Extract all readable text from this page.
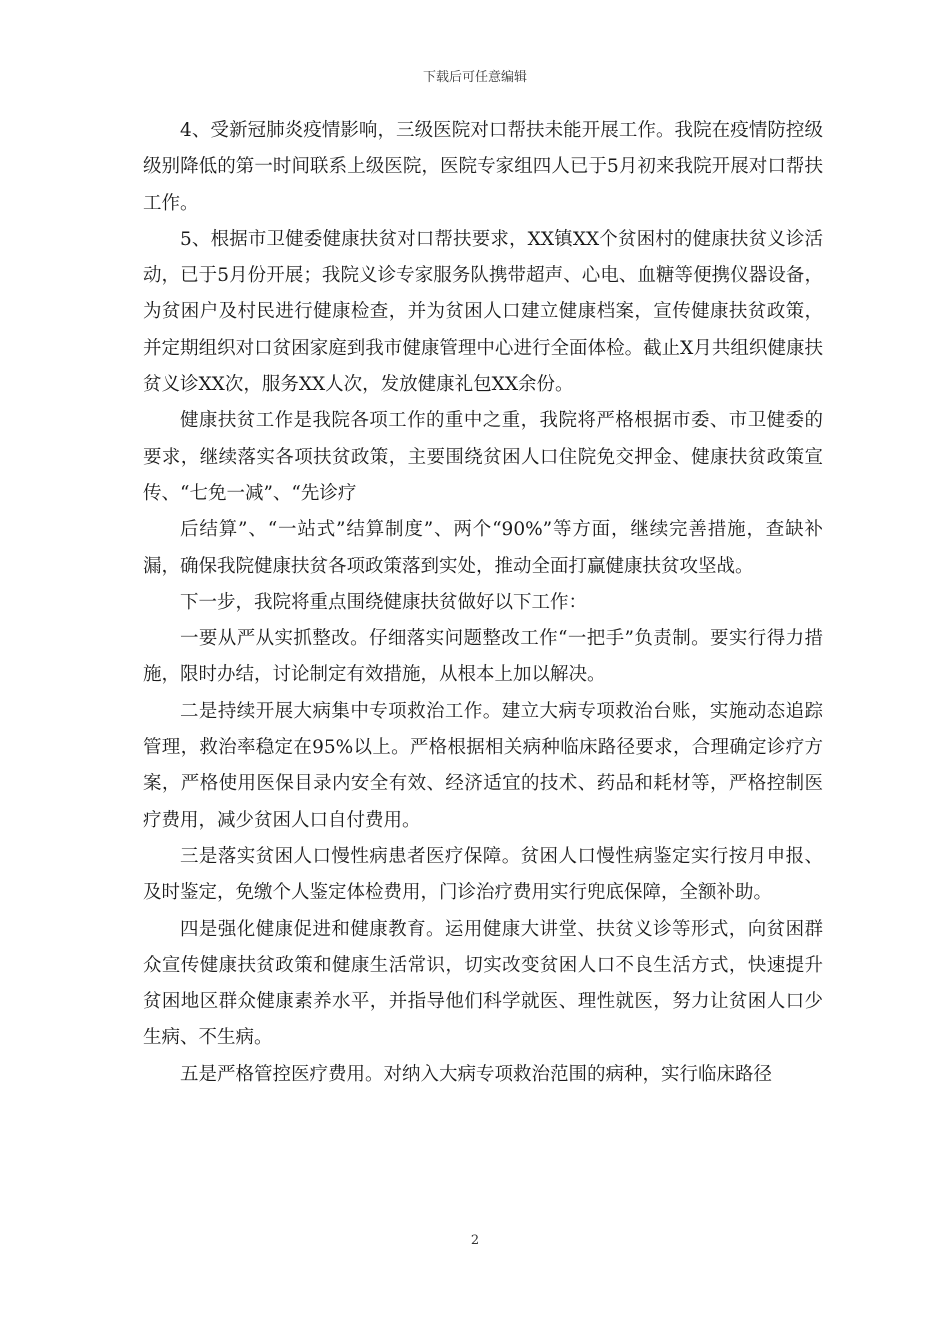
下载后可任意编辑

4、受新冠肺炎疫情影响，三级医院对口帮扶未能开展工作。我院在疫情防控级级别降低的第一时间联系上级医院，医院专家组四人已于5月初来我院开展对口帮扶工作。

5、根据市卫健委健康扶贫对口帮扶要求，XX镇XX个贫困村的健康扶贫义诊活动，已于5月份开展；我院义诊专家服务队携带超声、心电、血糖等便携仪器设备，为贫困户及村民进行健康检查，并为贫困人口建立健康档案，宣传健康扶贫政策，并定期组织对口贫困家庭到我市健康管理中心进行全面体检。截止X月共组织健康扶贫义诊XX次，服务XX人次，发放健康礼包XX余份。

健康扶贫工作是我院各项工作的重中之重，我院将严格根据市委、市卫健委的要求，继续落实各项扶贫政策，主要围绕贫困人口住院免交押金、健康扶贫政策宣传、“七免一减”、“先诊疗

后结算”、“一站式”结算制度”、两个“90%”等方面，继续完善措施，查缺补漏，确保我院健康扶贫各项政策落到实处，推动全面打赢健康扶贫攻坚战。

下一步，我院将重点围绕健康扶贫做好以下工作：

一要从严从实抓整改。仔细落实问题整改工作“一把手”负责制。要实行得力措施，限时办结，讨论制定有效措施，从根本上加以解决。

二是持续开展大病集中专项救治工作。建立大病专项救治台账，实施动态追踪管理，救治率稳定在95%以上。严格根据相关病种临床路径要求，合理确定诊疗方案，严格使用医保目录内安全有效、经济适宜的技术、药品和耗材等，严格控制医疗费用，减少贫困人口自付费用。

三是落实贫困人口慢性病患者医疗保障。贫困人口慢性病鉴定实行按月申报、及时鉴定，免缴个人鉴定体检费用，门诊治疗费用实行兜底保障，全额补助。

四是强化健康促进和健康教育。运用健康大讲堂、扶贫义诊等形式，向贫困群众宣传健康扶贫政策和健康生活常识，切实改变贫困人口不良生活方式，快速提升贫困地区群众健康素养水平，并指导他们科学就医、理性就医，努力让贫困人口少生病、不生病。

五是严格管控医疗费用。对纳入大病专项救治范围的病种，实行临床路径

2
